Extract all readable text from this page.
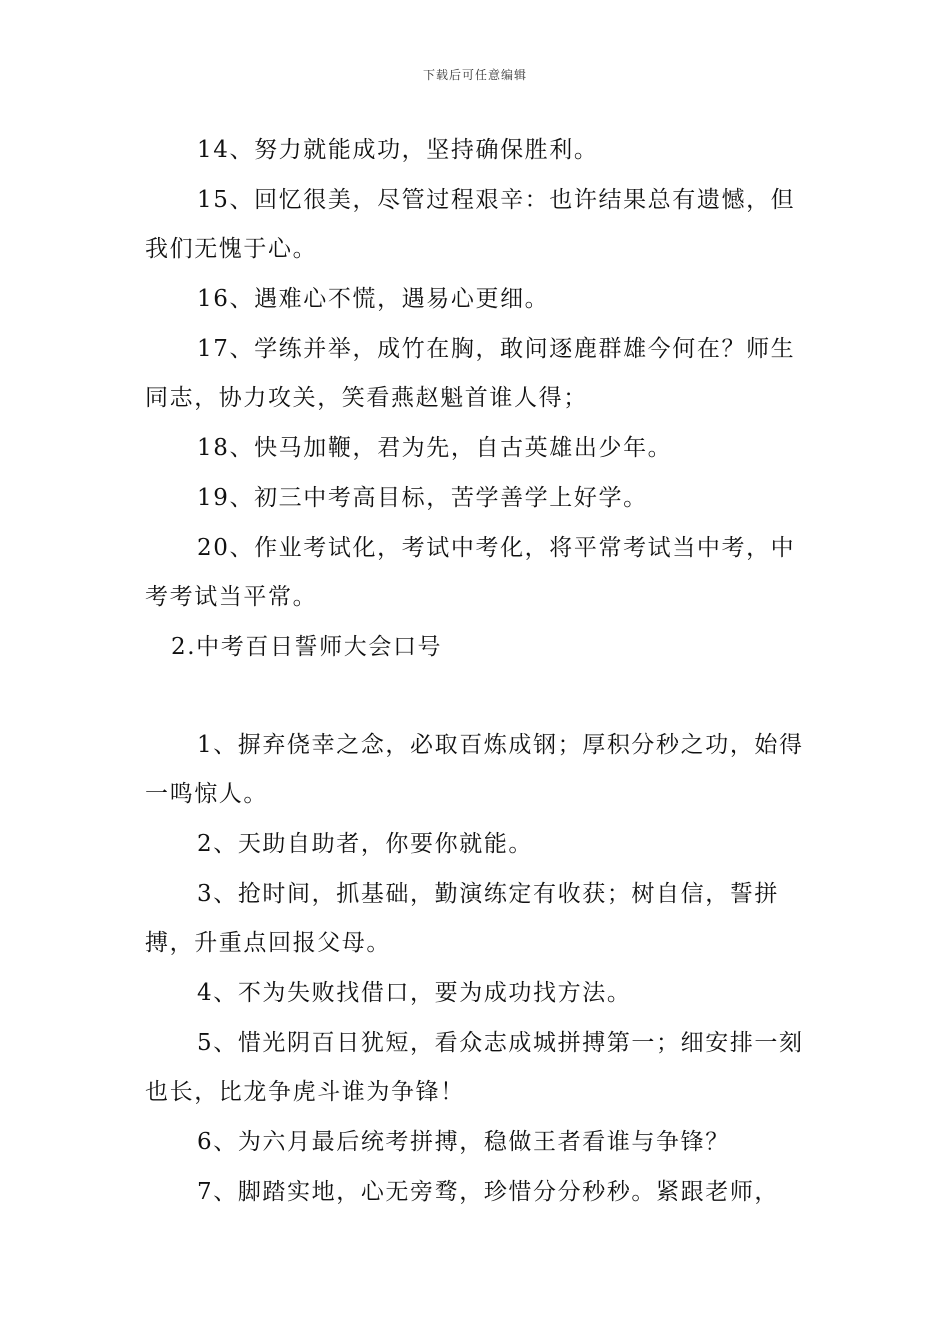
下载后可任意编辑

14、努力就能成功，坚持确保胜利。

15、回忆很美，尽管过程艰辛：也许结果总有遗憾，但我们无愧于心。

16、遇难心不慌，遇易心更细。

17、学练并举，成竹在胸，敢问逐鹿群雄今何在？师生同志，协力攻关，笑看燕赵魁首谁人得；

18、快马加鞭，君为先，自古英雄出少年。

19、初三中考高目标，苦学善学上好学。

20、作业考试化，考试中考化，将平常考试当中考，中考考试当平常。

2.中考百日誓师大会口号

1、摒弃侥幸之念，必取百炼成钢；厚积分秒之功，始得一鸣惊人。

2、天助自助者，你要你就能。

3、抢时间，抓基础，勤演练定有收获；树自信，誓拼搏，升重点回报父母。

4、不为失败找借口，要为成功找方法。

5、惜光阴百日犹短，看众志成城拼搏第一；细安排一刻也长，比龙争虎斗谁为争锋！

6、为六月最后统考拼搏，稳做王者看谁与争锋？

7、脚踏实地，心无旁骛，珍惜分分秒秒。紧跟老师，
